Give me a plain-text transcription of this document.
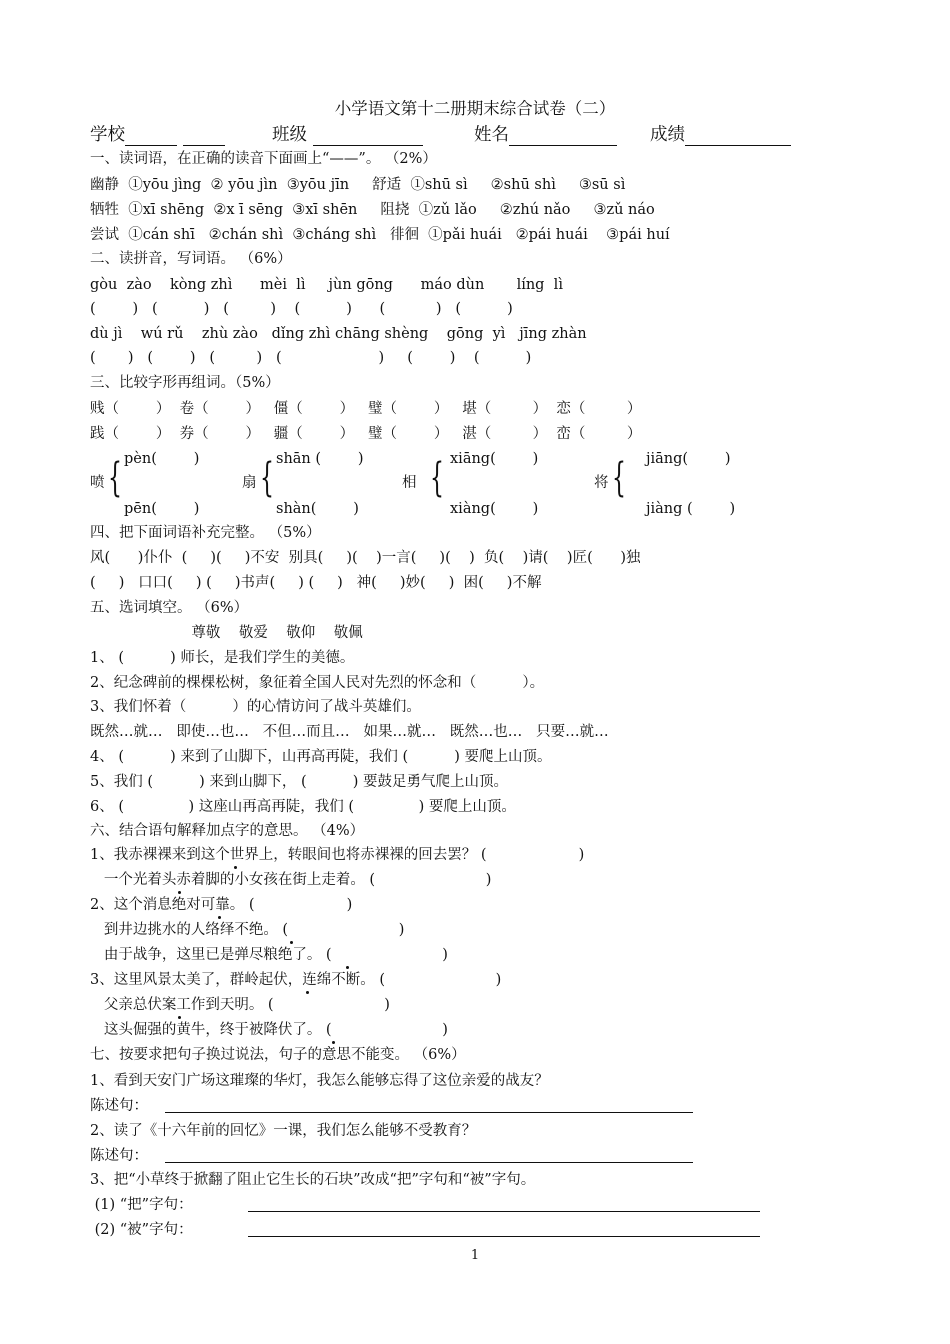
小学语文第十二册期末综合试卷（二）
学校	班级	姓名	成绩
一、读词语，在正确的读音下面画上“——”。 （2%）
幽静  ①yōu jìng  ② yōu jìn  ③yōu jīn     舒适  ①shū sì     ②shū shì     ③sū sì
牺牲  ①xī shēng  ②x ī sēng  ③xī shēn     阻挠  ①zǔ lǎo     ②zhú nǎo     ③zǔ náo
尝试  ①cán shī   ②chán shì  ③cháng shì   徘徊  ①pǎi huái   ②pái huái    ③pái huí
二、读拼音，写词语。 （6%）
gòu  zào    kòng zhì      mèi  lì     jùn gōng      máo dùn       líng  lì
(        )   (          )   (         )    (          )      (           )   (          )
dù jì    wú rǔ    zhù zào   dǐng zhì chāng shèng    gōng  yì   jīng zhàn
(       )   (        )   (         )   (                     )     (        )    (          )
三、比较字形再组词。（5%）
贱（        ）  卷（        ）   僵（        ）   璧（        ）   堪（         ）  恋（         ）
践（        ）  券（        ）   疆（        ）   璧（        ）   湛（         ）  峦（         ）
喷 { pèn(        )
pēn(        )
扇 { shān (        )
shàn(        )
相 { xiāng(        )
xiàng(        )
将 { jiāng(        )
jiàng (        )
四、把下面词语补充完整。 （5%）
风(      )仆仆  (     )(     )不安  别具(     )(    )一言(     )(    )  负(    )请(    )匠(      )独
(     )   口口(     ) (     )书声(     ) (     )   神(     )妙(     )  困(     )不解
五、选词填空。 （6%）
尊敬    敬爱    敬仰    敬佩
1、 (          ) 师长，是我们学生的美德。
2、纪念碑前的棵棵松树，象征着全国人民对先烈的怀念和（          ）。
3、我们怀着（          ）的心情访问了战斗英雄们。
既然…就…   即使…也…   不但…而且…   如果…就…   既然…也…   只要…就…
4、 (          ) 来到了山脚下，山再高再陡，我们 (          ) 要爬上山顶。
5、我们 (          ) 来到山脚下， (          ) 要鼓足勇气爬上山顶。
6、 (              ) 这座山再高再陡，我们 (              ) 要爬上山顶。
六、结合语句解释加点字的意思。 （4%）
1、我赤裸裸来到这个世界上，转眼间也将赤裸裸的回去罢？ (                    )
一个光着头赤着脚的小女孩在街上走着。 (                        )
2、这个消息绝对可靠。 (                    )
到井边挑水的人络绎不绝。 (                        )
由于战争，这里已是弹尽粮绝了。 (                        )
3、这里风景太美了，群岭起伏，连绵不断。 (                        )
父亲总伏案工作到天明。 (                        )
这头倔强的黄牛，终于被降伏了。 (                        )
七、按要求把句子换过说法，句子的意思不能变。 （6%）
1、看到天安门广场这璀璨的华灯，我怎么能够忘得了这位亲爱的战友？
陈述句：
2、读了《十六年前的回忆》一课，我们怎么能够不受教育？
陈述句：
3、把“小草终于掀翻了阻止它生长的石块”改成“把”字句和“被”字句。
(1) “把”字句：
(2) “被”字句：
1
